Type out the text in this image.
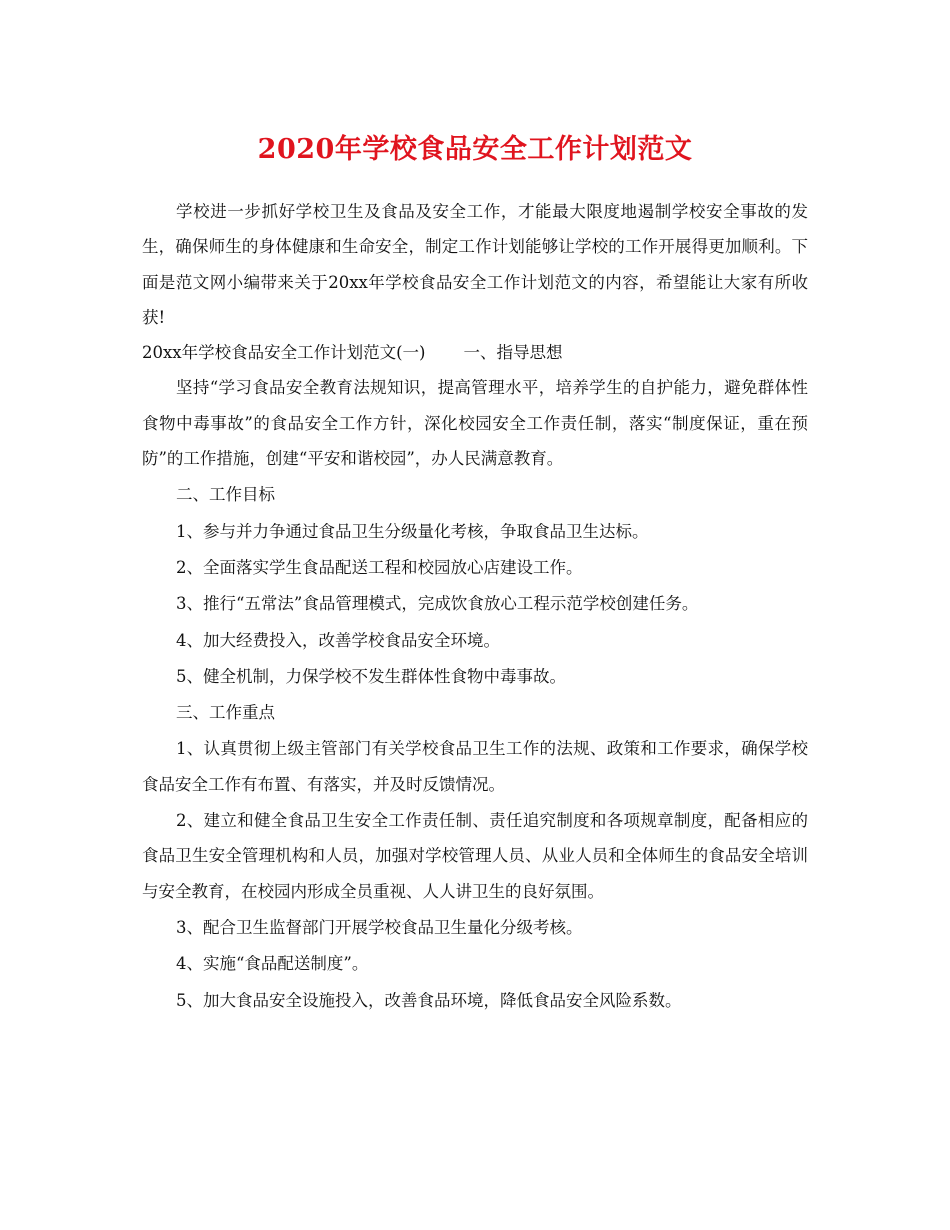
2020年学校食品安全工作计划范文

学校进一步抓好学校卫生及食品及安全工作，才能最大限度地遏制学校安全事故的发生，确保师生的身体健康和生命安全，制定工作计划能够让学校的工作开展得更加顺利。下面是范文网小编带来关于20xx年学校食品安全工作计划范文的内容，希望能让大家有所收获!

20xx年学校食品安全工作计划范文(一) 一、指导思想

坚持“学习食品安全教育法规知识，提高管理水平，培养学生的自护能力，避免群体性食物中毒事故”的食品安全工作方针，深化校园安全工作责任制，落实“制度保证，重在预防”的工作措施，创建“平安和谐校园”，办人民满意教育。

二、工作目标

1、参与并力争通过食品卫生分级量化考核，争取食品卫生达标。

2、全面落实学生食品配送工程和校园放心店建设工作。

3、推行“五常法”食品管理模式，完成饮食放心工程示范学校创建任务。

4、加大经费投入，改善学校食品安全环境。

5、健全机制，力保学校不发生群体性食物中毒事故。

三、工作重点

1、认真贯彻上级主管部门有关学校食品卫生工作的法规、政策和工作要求，确保学校食品安全工作有布置、有落实，并及时反馈情况。

2、建立和健全食品卫生安全工作责任制、责任追究制度和各项规章制度，配备相应的食品卫生安全管理机构和人员，加强对学校管理人员、从业人员和全体师生的食品安全培训与安全教育，在校园内形成全员重视、人人讲卫生的良好氛围。

3、配合卫生监督部门开展学校食品卫生量化分级考核。

4、实施“食品配送制度”。

5、加大食品安全设施投入，改善食品环境，降低食品安全风险系数。
